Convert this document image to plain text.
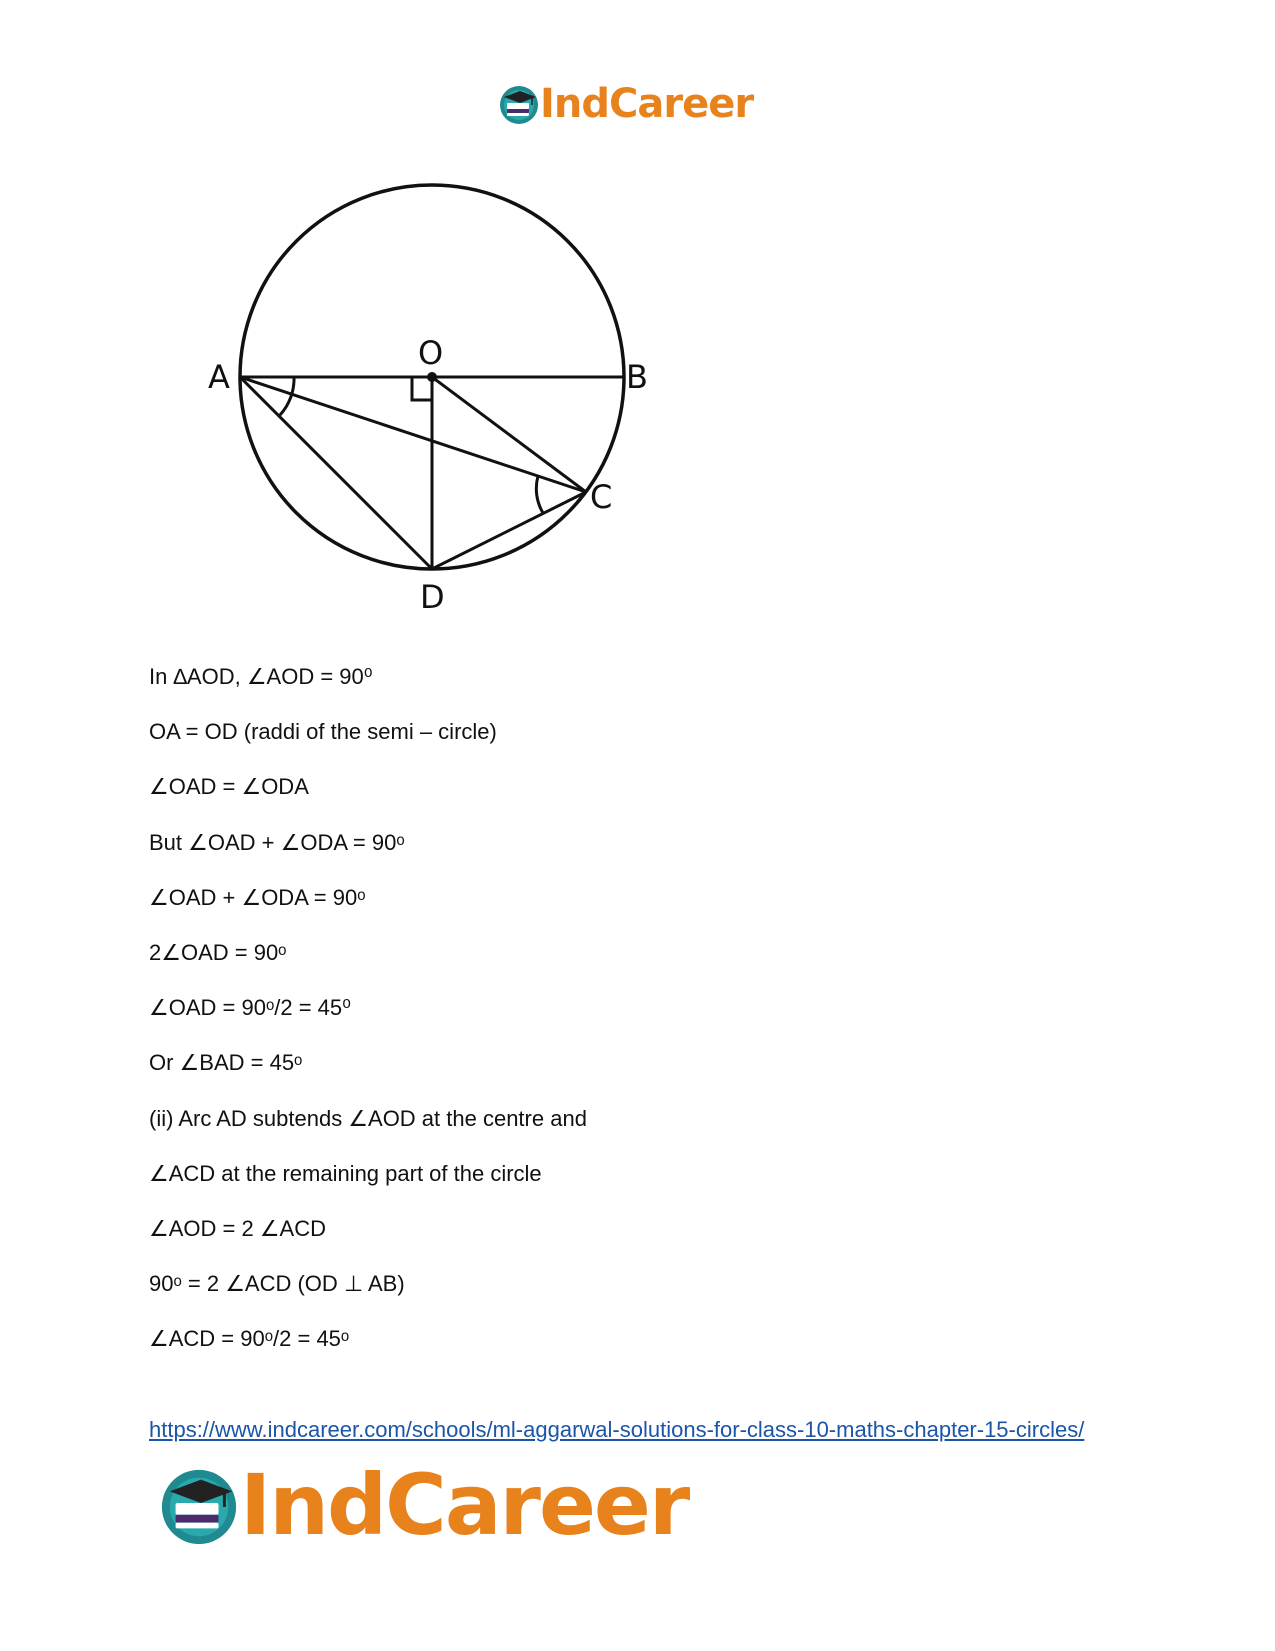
IndCareer
A	B
O
C
D
In ∆AOD, ∠AOD = 90⁰
OA = OD (raddi of the semi – circle)
∠OAD = ∠ODA
But ∠OAD + ∠ODA = 90ᵒ
∠OAD + ∠ODA = 90ᵒ
2∠OAD = 90ᵒ
∠OAD = 90ᵒ/2 = 45⁰
Or ∠BAD = 45ᵒ
(ii) Arc AD subtends ∠AOD at the centre and
∠ACD at the remaining part of the circle
∠AOD = 2 ∠ACD
90ᵒ = 2 ∠ACD (OD ⊥ AB)
∠ACD = 90ᵒ/2 = 45ᵒ
https://www.indcareer.com/schools/ml-aggarwal-solutions-for-class-10-maths-chapter-15-circles/
IndCareer
